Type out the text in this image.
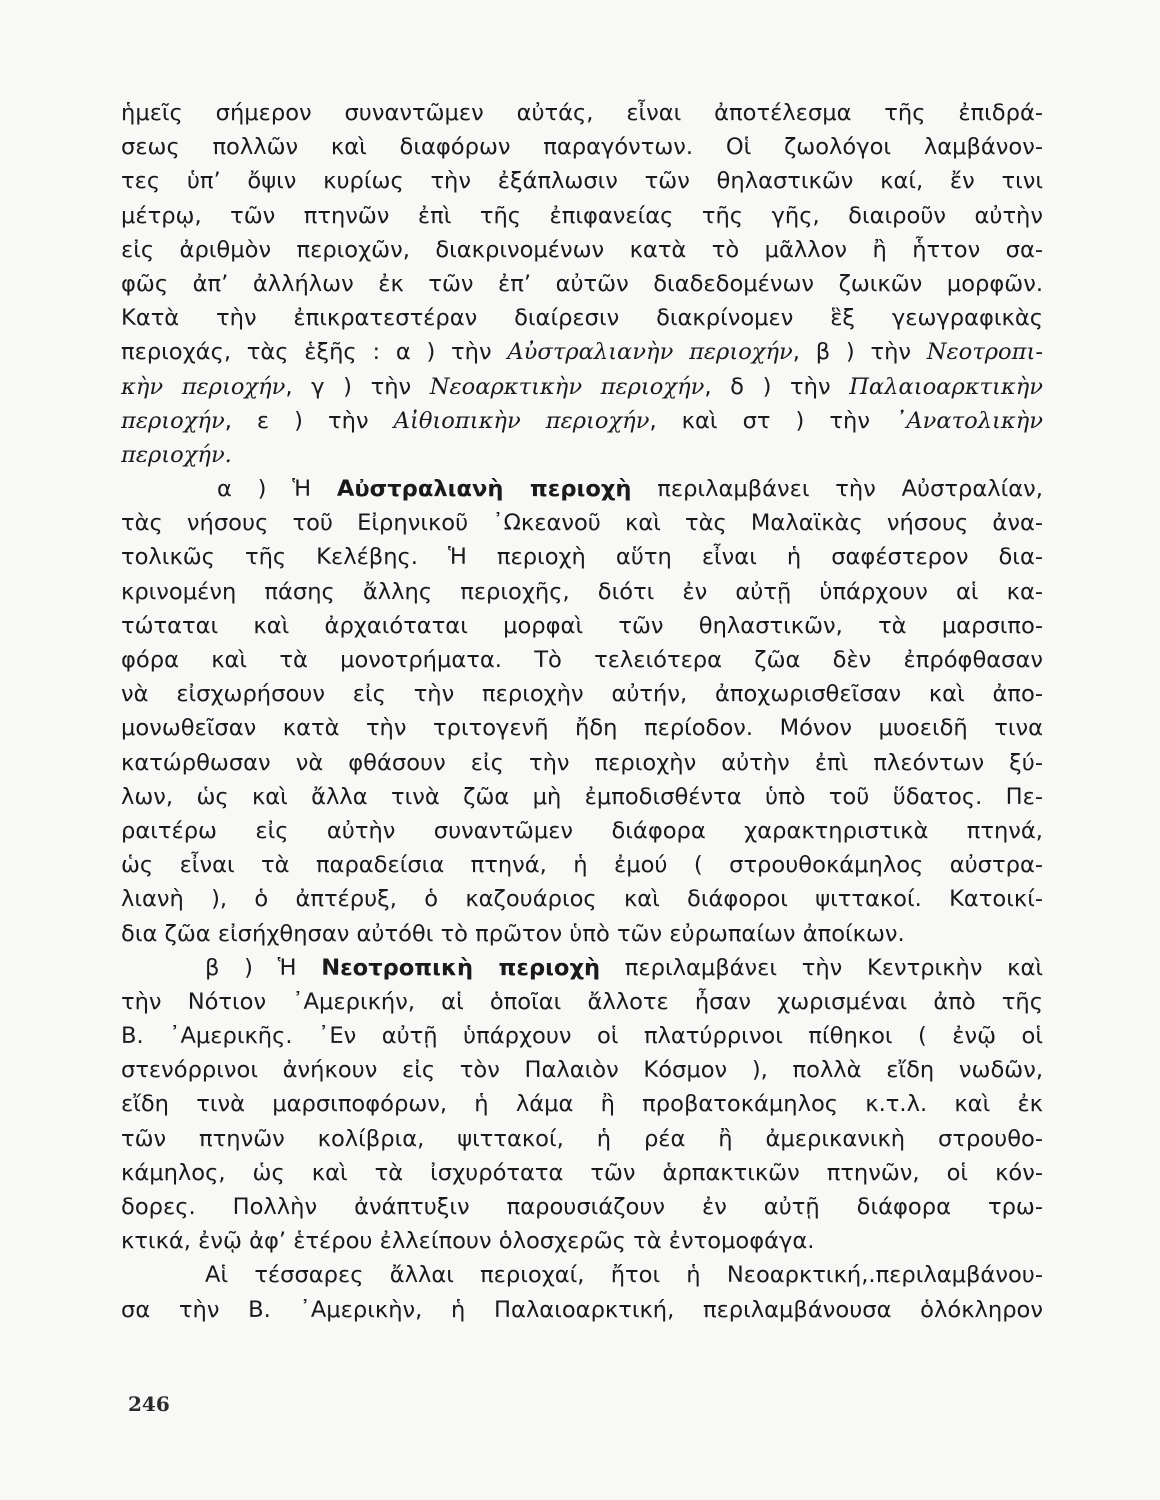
ἡμεῖς σήμερον συναντῶμεν αὐτάς, εἶναι ἀποτέλεσμα τῆς ἐπιδρά-
σεως πολλῶν καὶ διαφόρων παραγόντων. Οἱ ζωολόγοι λαμβάνον-
τες ὑπ’ ὄψιν κυρίως τὴν ἐξάπλωσιν τῶν θηλαστικῶν καί, ἔν τινι
μέτρῳ, τῶν πτηνῶν ἐπὶ τῆς ἐπιφανείας τῆς γῆς, διαιροῦν αὐτὴν
εἰς ἀριθμὸν περιοχῶν, διακρινομένων κατὰ τὸ μᾶλλον ἢ ἧττον σα-
φῶς ἀπ’ ἀλλήλων ἐκ τῶν ἐπ’ αὐτῶν διαδεδομένων ζωικῶν μορφῶν.
Κατὰ τὴν ἐπικρατεστέραν διαίρεσιν διακρίνομεν ἓξ γεωγραφικὰς
περιοχάς, τὰς ἑξῆς : α ) τὴν Αὐστραλιανὴν περιοχήν, β ) τὴν Νεοτροπι-
κὴν περιοχήν, γ ) τὴν Νεοαρκτικὴν περιοχήν, δ ) τὴν Παλαιοαρκτικὴν
περιοχήν, ε ) τὴν Αἰθιοπικὴν περιοχήν, καὶ στ ) τὴν ᾿Ανατολικὴν
περιοχήν.
α ) Ἡ Αὐστραλιανὴ περιοχὴ περιλαμβάνει τὴν Αὐστραλίαν,
τὰς νήσους τοῦ Εἰρηνικοῦ ᾿Ωκεανοῦ καὶ τὰς Μαλαϊκὰς νήσους ἀνα-
τολικῶς τῆς Κελέβης. Ἡ περιοχὴ αὕτη εἶναι ἡ σαφέστερον δια-
κρινομένη πάσης ἄλλης περιοχῆς, διότι ἐν αὐτῇ ὑπάρχουν αἱ κα-
τώταται καὶ ἀρχαιόταται μορφαὶ τῶν θηλαστικῶν, τὰ μαρσιπο-
φόρα καὶ τὰ μονοτρήματα. Τὸ τελειότερα ζῶα δὲν ἐπρόφθασαν
νὰ εἰσχωρήσουν εἰς τὴν περιοχὴν αὐτήν, ἀποχωρισθεῖσαν καὶ ἀπο-
μονωθεῖσαν κατὰ τὴν τριτογενῆ ἤδη περίοδον. Μόνον μυοειδῆ τινα
κατώρθωσαν νὰ φθάσουν εἰς τὴν περιοχὴν αὐτὴν ἐπὶ πλεόντων ξύ-
λων, ὡς καὶ ἄλλα τινὰ ζῶα μὴ ἐμποδισθέντα ὑπὸ τοῦ ὕδατος. Πε-
ραιτέρω εἰς αὐτὴν συναντῶμεν διάφορα χαρακτηριστικὰ πτηνά,
ὡς εἶναι τὰ παραδείσια πτηνά, ἡ ἐμού ( στρουθοκάμηλος αὐστρα-
λιανὴ ), ὁ ἀπτέρυξ, ὁ καζουάριος καὶ διάφοροι ψιττακοί. Κατοικί-
δια ζῶα εἰσήχθησαν αὐτόθι τὸ πρῶτον ὑπὸ τῶν εὐρωπαίων ἀποίκων.
β ) Ἡ Νεοτροπικὴ περιοχὴ περιλαμβάνει τὴν Κεντρικὴν καὶ
τὴν Νότιον ᾿Αμερικήν, αἱ ὁποῖαι ἄλλοτε ἦσαν χωρισμέναι ἀπὸ τῆς
Β. ᾿Αμερικῆς. ᾿Εν αὐτῇ ὑπάρχουν οἱ πλατύρρινοι πίθηκοι ( ἐνῷ οἱ
στενόρρινοι ἀνήκουν εἰς τὸν Παλαιὸν Κόσμον ), πολλὰ εἴδη νωδῶν,
εἴδη τινὰ μαρσιποφόρων, ἡ λάμα ἢ προβατοκάμηλος κ.τ.λ. καὶ ἐκ
τῶν πτηνῶν κολίβρια, ψιττακοί, ἡ ρέα ἢ ἀμερικανικὴ στρουθο-
κάμηλος, ὡς καὶ τὰ ἰσχυρότατα τῶν ἁρπακτικῶν πτηνῶν, οἱ κόν-
δορες. Πολλὴν ἀνάπτυξιν παρουσιάζουν ἐν αὐτῇ διάφορα τρω-
κτικά, ἐνῷ ἀφ’ ἑτέρου ἐλλείπουν ὁλοσχερῶς τὰ ἐντομοφάγα.
Αἱ τέσσαρες ἄλλαι περιοχαί, ἤτοι ἡ Νεοαρκτική,.περιλαμβάνου-
σα τὴν Β. ᾿Αμερικὴν, ἡ Παλαιοαρκτική, περιλαμβάνουσα ὁλόκληρον
246
